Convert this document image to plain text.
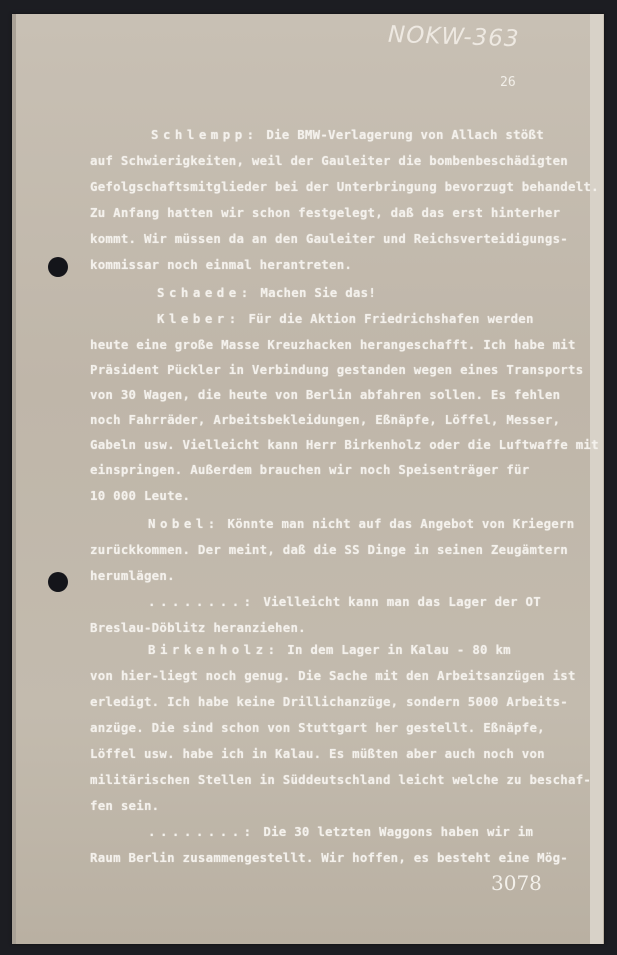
NOKW-363
26
Schlempp: Die BMW-Verlagerung von Allach stößt
auf Schwierigkeiten, weil der Gauleiter die bombenbeschädigten
Gefolgschaftsmitglieder bei der Unterbringung bevorzugt behandelt.
Zu Anfang hatten wir schon festgelegt, daß das erst hinterher
kommt. Wir müssen da an den Gauleiter und Reichsverteidigungs-
kommissar noch einmal herantreten.
Schaede: Machen Sie das!
Kleber: Für die Aktion Friedrichshafen werden
heute eine große Masse Kreuzhacken herangeschafft. Ich habe mit
Präsident Pückler in Verbindung gestanden wegen eines Transports
von 30 Wagen, die heute von Berlin abfahren sollen. Es fehlen
noch Fahrräder, Arbeitsbekleidungen, Eßnäpfe, Löffel, Messer,
Gabeln usw. Vielleicht kann Herr Birkenholz oder die Luftwaffe mit
einspringen. Außerdem brauchen wir noch Speisenträger für
10 000 Leute.
Nobel: Könnte man nicht auf das Angebot von Kriegern
zurückkommen. Der meint, daß die SS Dinge in seinen Zeugämtern
herumlägen.
........: Vielleicht kann man das Lager der OT
Breslau-Döblitz heranziehen.
Birkenholz: In dem Lager in Kalau - 80 km
von hier-liegt noch genug. Die Sache mit den Arbeitsanzügen ist
erledigt. Ich habe keine Drillichanzüge, sondern 5000 Arbeits-
anzüge. Die sind schon von Stuttgart her gestellt. Eßnäpfe,
Löffel usw. habe ich in Kalau. Es müßten aber auch noch von
militärischen Stellen in Süddeutschland leicht welche zu beschaf-
fen sein.
........: Die 30 letzten Waggons haben wir im
Raum Berlin zusammengestellt. Wir hoffen, es besteht eine Mög-
3078
